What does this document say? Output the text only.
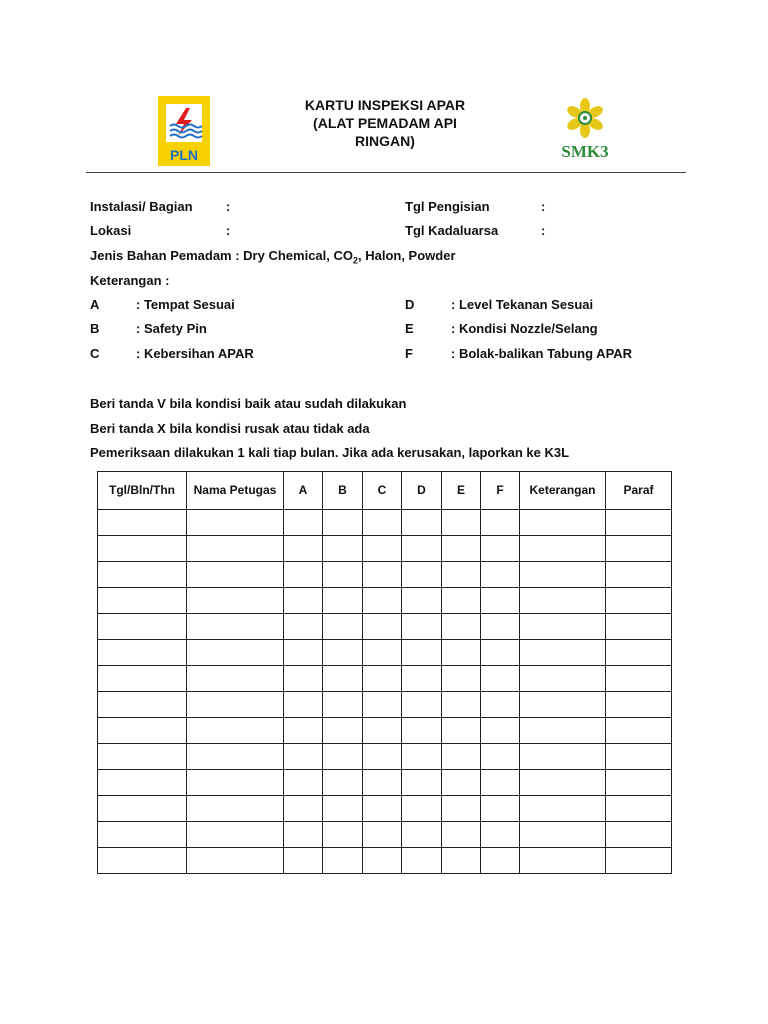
PLN
KARTU INSPEKSI APAR
(ALAT PEMADAM API
RINGAN)
SMK3
Instalasi/ Bagian	:	Tgl Pengisian	:
Lokasi	:	Tgl Kadaluarsa	:
Jenis Bahan Pemadam : Dry Chemical, $CO_2$, Halon, Powder
Keterangan :
A	: Tempat Sesuai
B	: Safety Pin
C	: Kebersihan APAR
D	: Level Tekanan Sesuai
E	: Kondisi Nozzle/Selang
F	: Bolak-balikan Tabung APAR
Beri tanda V bila kondisi baik atau sudah dilakukan
Beri tanda X bila kondisi rusak atau tidak ada
Pemeriksaan dilakukan 1 kali tiap bulan. Jika ada kerusakan, laporkan ke K3L
Tgl/Bln/Thn	Nama Petugas	A	B	C	D	E	F	Keterangan	Paraf
